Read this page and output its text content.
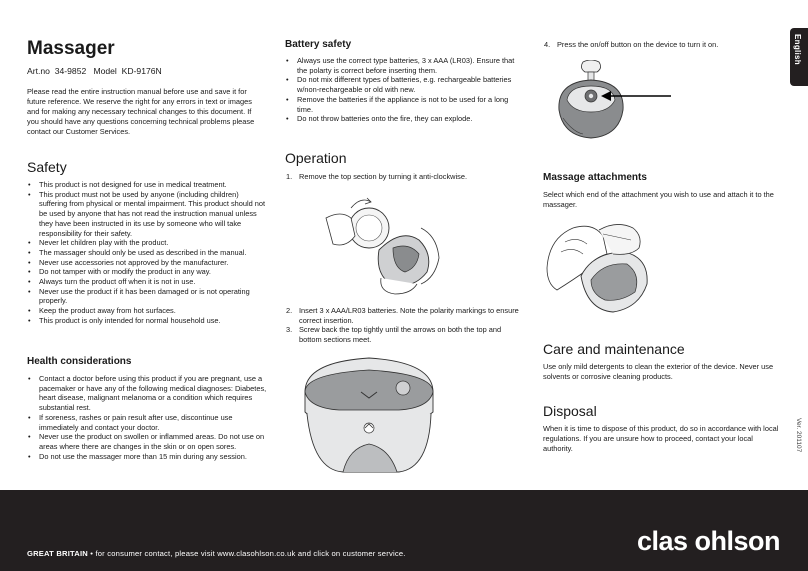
English
Ver. 201107
Massager

Art.no 34-9852 Model KD-9176N

Please read the entire instruction manual before use and save it for future reference. We reserve the right for any errors in text or images and for making any necessary technical changes to this document. If you should have any questions concerning technical problems please contact our Customer Services.

Safety
• This product is not designed for use in medical treatment.
• This product must not be used by anyone (including children) suffering from physical or mental impairment. This product should not be used by anyone that has not read the instruction manual unless they have been instructed in its use by someone who will take responsibility for their safety.
• Never let children play with the product.
• The massager should only be used as described in the manual.
• Never use accessories not approved by the manufacturer.
• Do not tamper with or modify the product in any way.
• Always turn the product off when it is not in use.
• Never use the product if it has been damaged or is not operating properly.
• Keep the product away from hot surfaces.
• This product is only intended for normal household use.
Health considerations
• Contact a doctor before using this product if you are pregnant, use a pacemaker or have any of the following medical diagnoses: Diabetes, heart disease, malignant melanoma or a condition which requires substantial rest.
• If soreness, rashes or pain result after use, discontinue use immediately and contact your doctor.
• Never use the product on swollen or inflammed areas. Do not use on areas where there are changes in the skin or on open sores.
• Do not use the massager more than 15 min during any session.
Battery safety
• Always use the correct type batteries, 3 x AAA (LR03). Ensure that the polarty is correct before inserting them.
• Do not mix different types of batteries, e.g. rechargeable batteries w/non-rechargeable or old with new.
• Remove the batteries if the appliance is not to be used for a long time.
• Do not throw batteries onto the fire, they can explode.
Operation
1. Remove the top section by turning it anti-clockwise.
2. Insert 3 x AAA/LR03 batteries. Note the polarity markings to ensure correct insertion.
3. Screw back the top tightly until the arrows on both the top and bottom sections meet.
4. Press the on/off button on the device to turn it on.
Massage attachments

Select which end of the attachment you wish to use and attach it to the massager.

Care and maintenance

Use only mild detergents to clean the exterior of the device. Never use solvents or corrosive cleaning products.

Disposal

When it is time to dispose of this product, do so in accordance with local regulations. If you are unsure how to proceed, contact your local authority.

GREAT BRITAIN • for consumer contact, please visit www.clasohlson.co.uk and click on customer service.	clas ohlson
